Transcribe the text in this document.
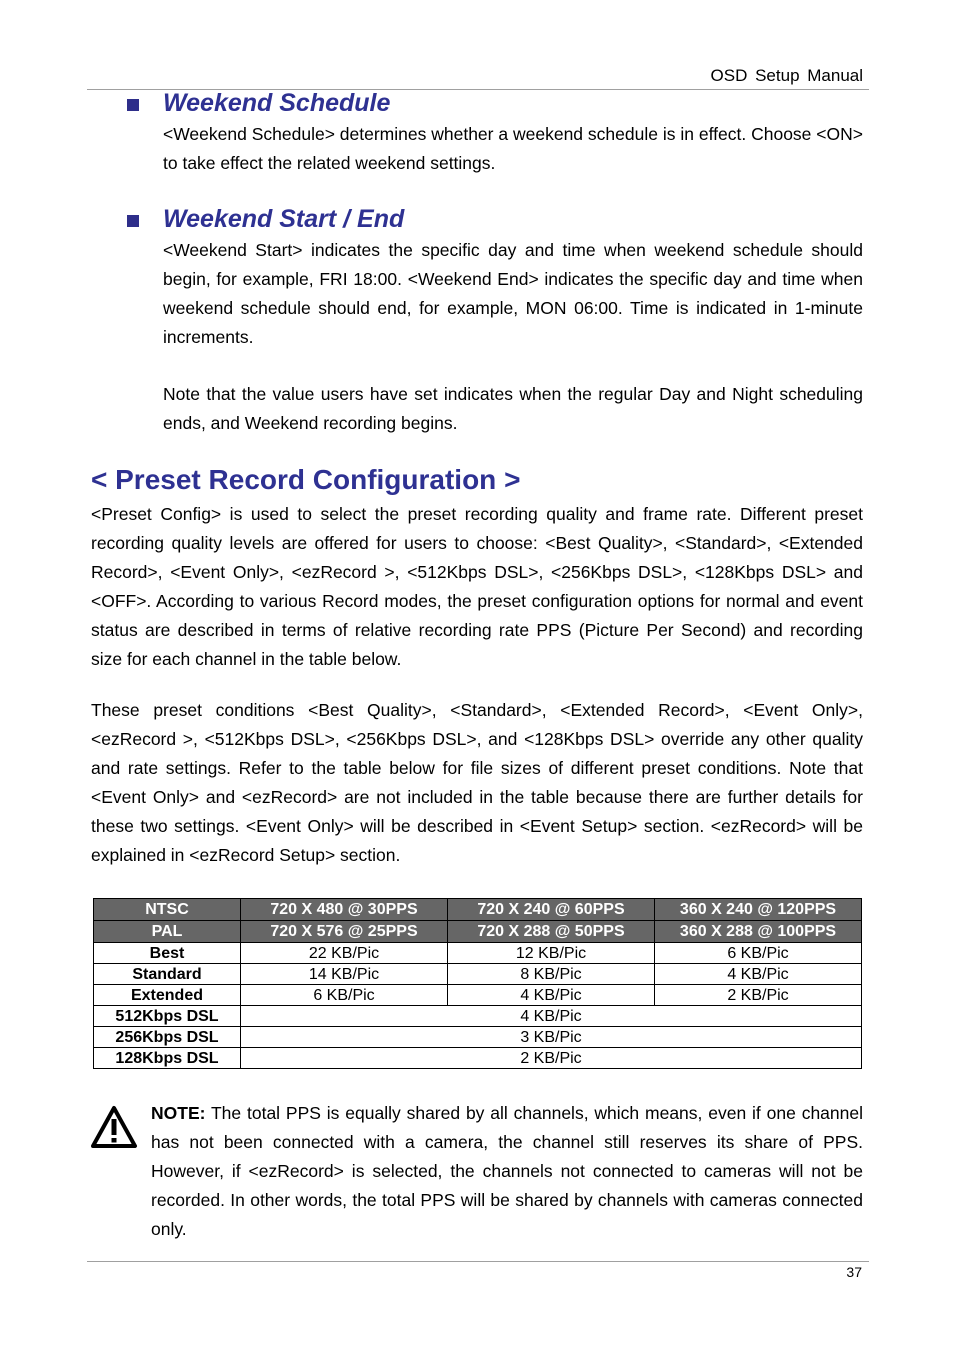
OSD Setup Manual
Weekend Schedule
<Weekend Schedule> determines whether a weekend schedule is in effect. Choose <ON> to take effect the related weekend settings.
Weekend Start / End
<Weekend Start> indicates the specific day and time when weekend schedule should begin, for example, FRI 18:00. <Weekend End> indicates the specific day and time when weekend schedule should end, for example, MON 06:00. Time is indicated in 1-minute increments.
Note that the value users have set indicates when the regular Day and Night scheduling ends, and Weekend recording begins.
< Preset Record Configuration >
<Preset Config> is used to select the preset recording quality and frame rate. Different preset recording quality levels are offered for users to choose: <Best Quality>, <Standard>, <Extended Record>, <Event Only>, <ezRecord >, <512Kbps DSL>, <256Kbps DSL>, <128Kbps DSL> and <OFF>. According to various Record modes, the preset configuration options for normal and event status are described in terms of relative recording rate PPS (Picture Per Second) and recording size for each channel in the table below.
These preset conditions <Best Quality>, <Standard>, <Extended Record>, <Event Only>, <ezRecord >, <512Kbps DSL>, <256Kbps DSL>, and <128Kbps DSL> override any other quality and rate settings. Refer to the table below for file sizes of different preset conditions. Note that <Event Only> and <ezRecord> are not included in the table because there are further details for these two settings. <Event Only> will be described in <Event Setup> section. <ezRecord> will be explained in <ezRecord Setup> section.
NTSC	720 X 480 @ 30PPS	720 X 240 @ 60PPS	360 X 240 @ 120PPS
PAL	720 X 576 @ 25PPS	720 X 288 @ 50PPS	360 X 288 @ 100PPS
Best	22 KB/Pic	12 KB/Pic	6 KB/Pic
Standard	14 KB/Pic	8 KB/Pic	4 KB/Pic
Extended	6 KB/Pic	4 KB/Pic	2 KB/Pic
512Kbps DSL	4 KB/Pic		
256Kbps DSL	3 KB/Pic		
128Kbps DSL	2 KB/Pic		
NOTE: The total PPS is equally shared by all channels, which means, even if one channel has not been connected with a camera, the channel still reserves its share of PPS. However, if <ezRecord> is selected, the channels not connected to cameras will not be recorded. In other words, the total PPS will be shared by channels with cameras connected only.
37
